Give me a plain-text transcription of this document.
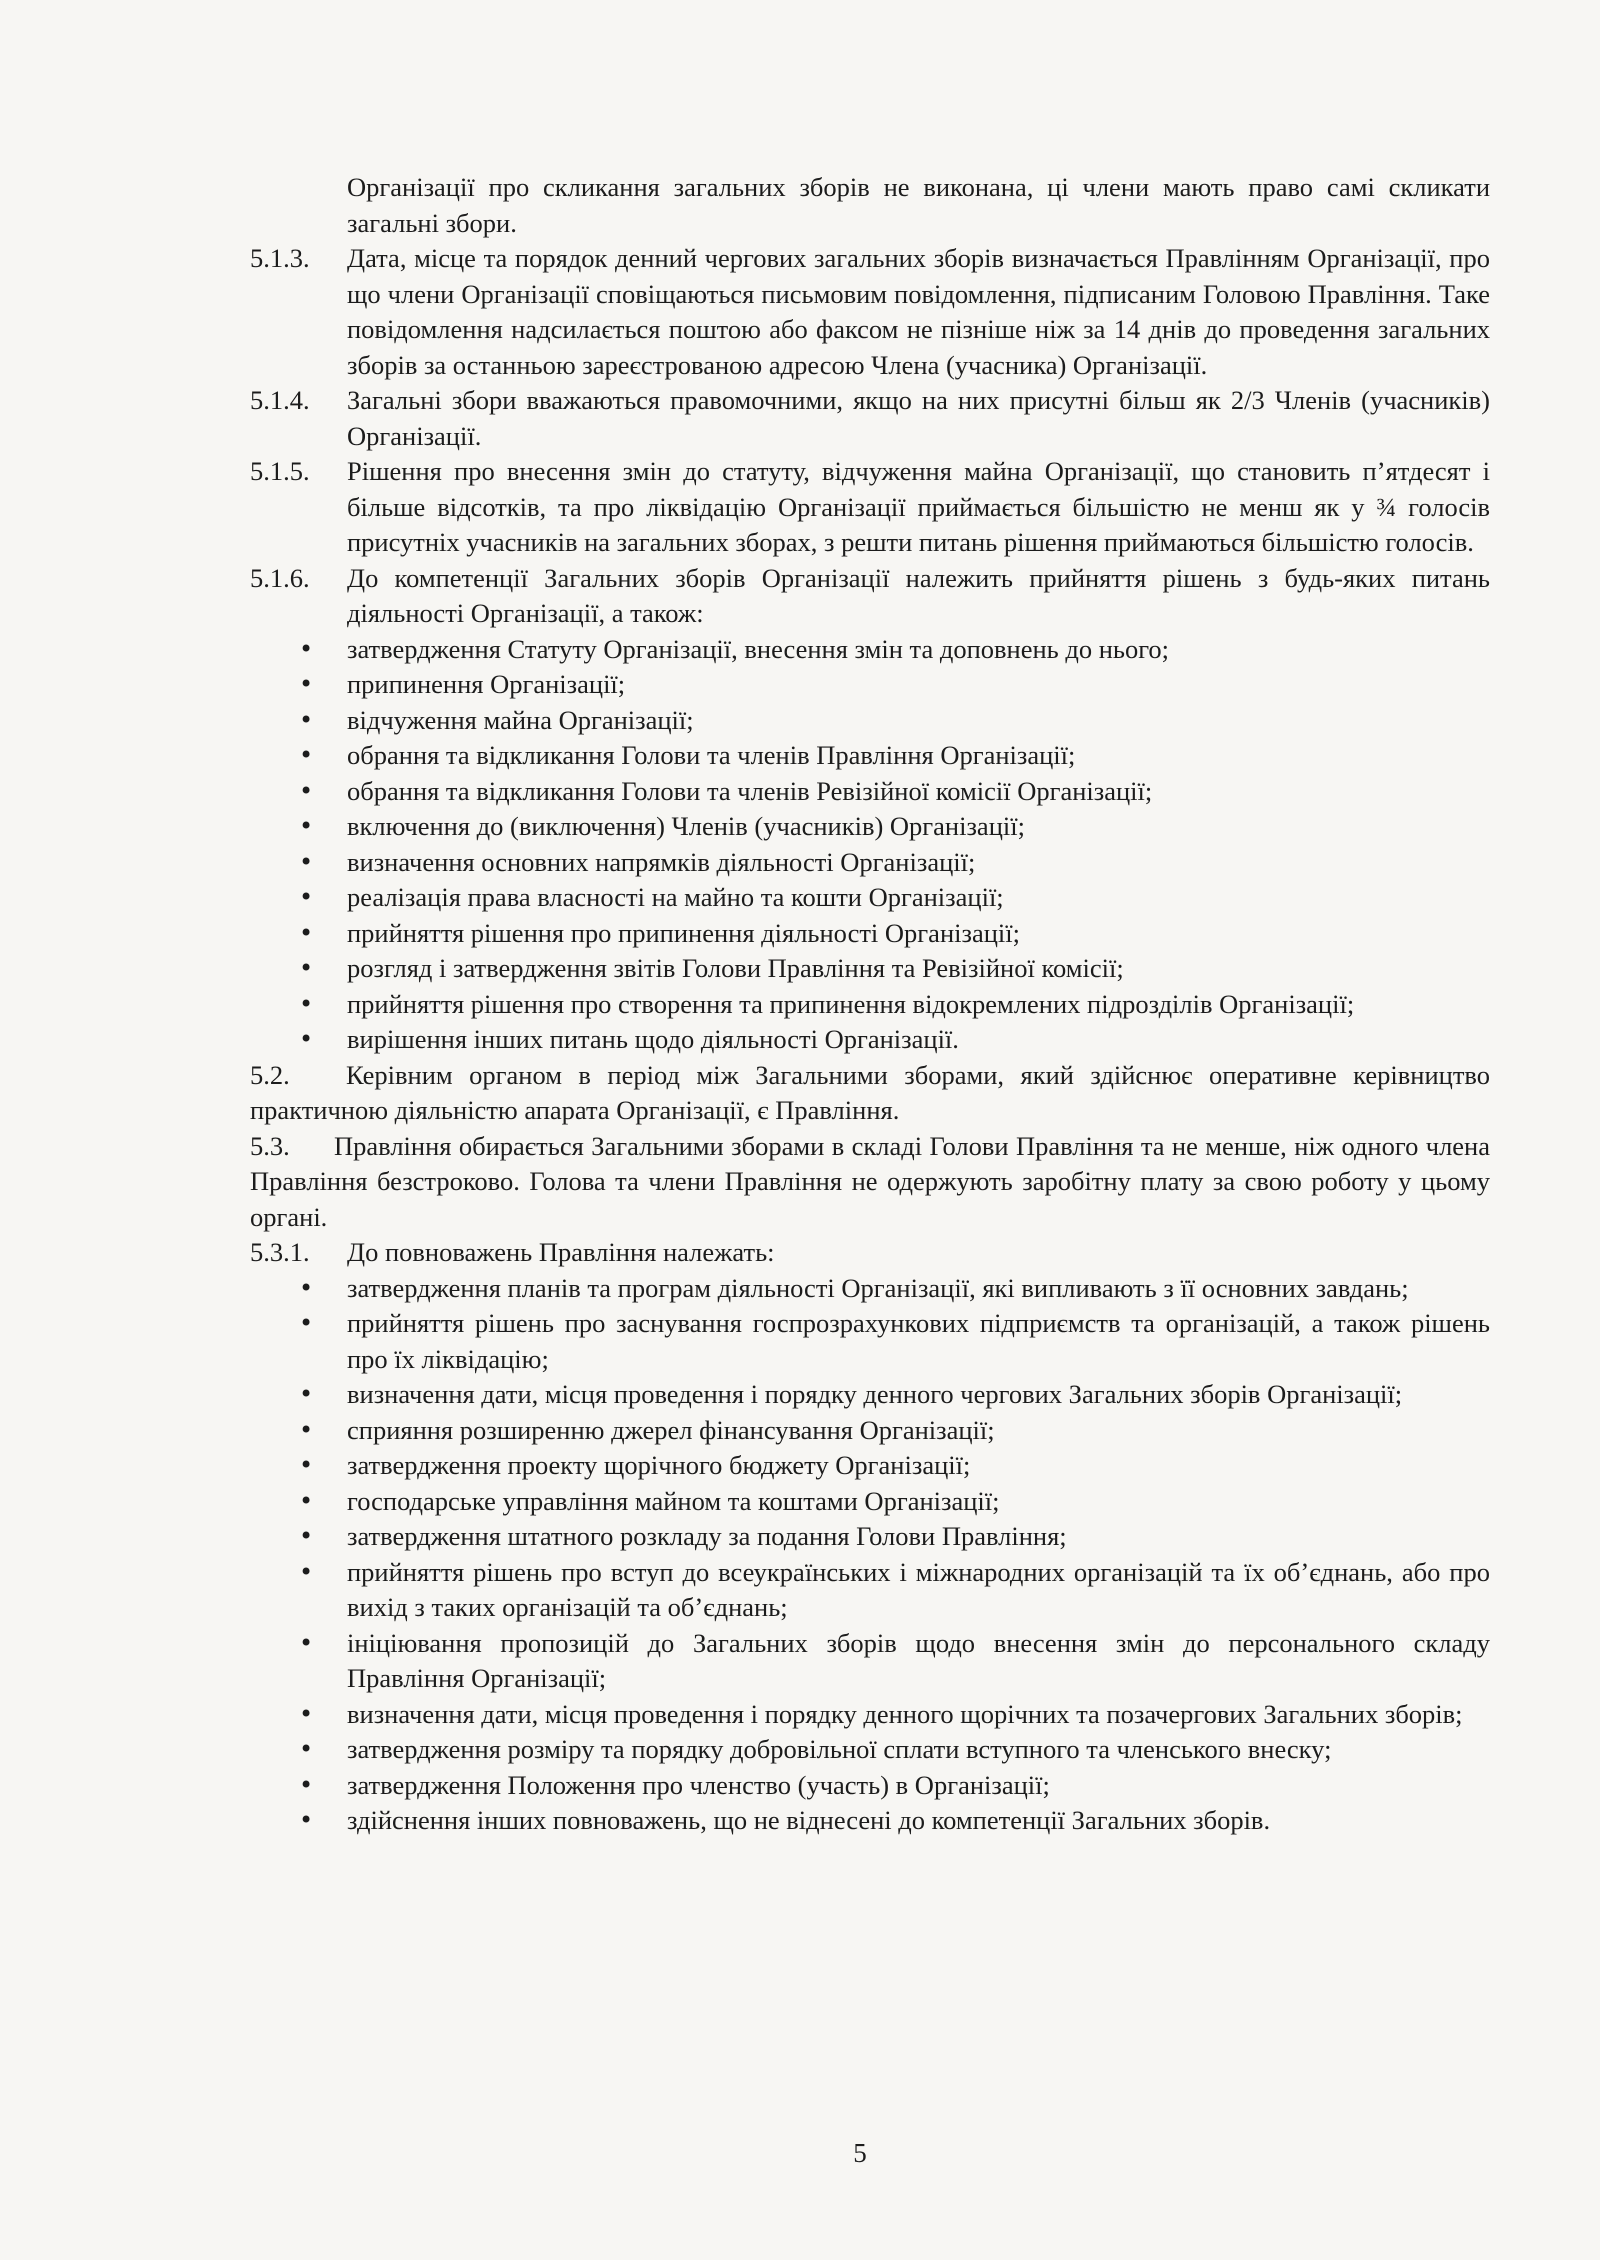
Організації про скликання загальних зборів не виконана, ці члени мають право самі скликати загальні збори.

5.1.3. Дата, місце та порядок денний чергових загальних зборів визначається Правлінням Організації, про що члени Організації сповіщаються письмовим повідомлення, підписаним Головою Правління. Таке повідомлення надсилається поштою або факсом не пізніше ніж за 14 днів до проведення загальних зборів за останньою зареєстрованою адресою Члена (учасника) Організації.

5.1.4. Загальні збори вважаються правомочними, якщо на них присутні більш як 2/3 Членів (учасників) Організації.

5.1.5. Рішення про внесення змін до статуту, відчуження майна Організації, що становить п’ятдесят і більше відсотків, та про ліквідацію Організації приймається більшістю не менш як у ¾ голосів присутніх учасників на загальних зборах, з решти питань рішення приймаються більшістю голосів.

5.1.6. До компетенції Загальних зборів Організації належить прийняття рішень з будь-яких питань діяльності Організації, а також:

• затвердження Статуту Організації, внесення змін та доповнень до нього;
• припинення Організації;
• відчуження майна Організації;
• обрання та відкликання Голови та членів Правління Організації;
• обрання та відкликання Голови та членів Ревізійної комісії Організації;
• включення до (виключення) Членів (учасників) Організації;
• визначення основних напрямків діяльності Організації;
• реалізація права власності на майно та кошти Організації;
• прийняття рішення про припинення діяльності Організації;
• розгляд і затвердження звітів Голови Правління та Ревізійної комісії;
• прийняття рішення про створення та припинення відокремлених підрозділів Організації;
• вирішення інших питань щодо діяльності Організації.

5.2. Керівним органом в період між Загальними зборами, який здійснює оперативне керівництво практичною діяльністю апарата Організації, є Правління.

5.3. Правління обирається Загальними зборами в складі Голови Правління та не менше, ніж одного члена Правління безстроково. Голова та члени Правління не одержують заробітну плату за свою роботу у цьому органі.

5.3.1. До повноважень Правління належать:

• затвердження планів та програм діяльності Організації, які випливають з її основних завдань;
• прийняття рішень про заснування госпрозрахункових підприємств та організацій, а також рішень про їх ліквідацію;
• визначення дати, місця проведення і порядку денного чергових Загальних зборів Організації;
• сприяння розширенню джерел фінансування Організації;
• затвердження проекту щорічного бюджету Організації;
• господарське управління майном та коштами Організації;
• затвердження штатного розкладу за подання Голови Правління;
• прийняття рішень про вступ до всеукраїнських і міжнародних організацій та їх об’єднань, або про вихід з таких організацій та об’єднань;
• ініціювання пропозицій до Загальних зборів щодо внесення змін до персонального складу Правління Організації;
• визначення дати, місця проведення і порядку денного щорічних та позачергових Загальних зборів;
• затвердження розміру та порядку добровільної сплати вступного та членського внеску;
• затвердження Положення про членство (участь) в Організації;
• здійснення інших повноважень, що не віднесені до компетенції Загальних зборів.
5
